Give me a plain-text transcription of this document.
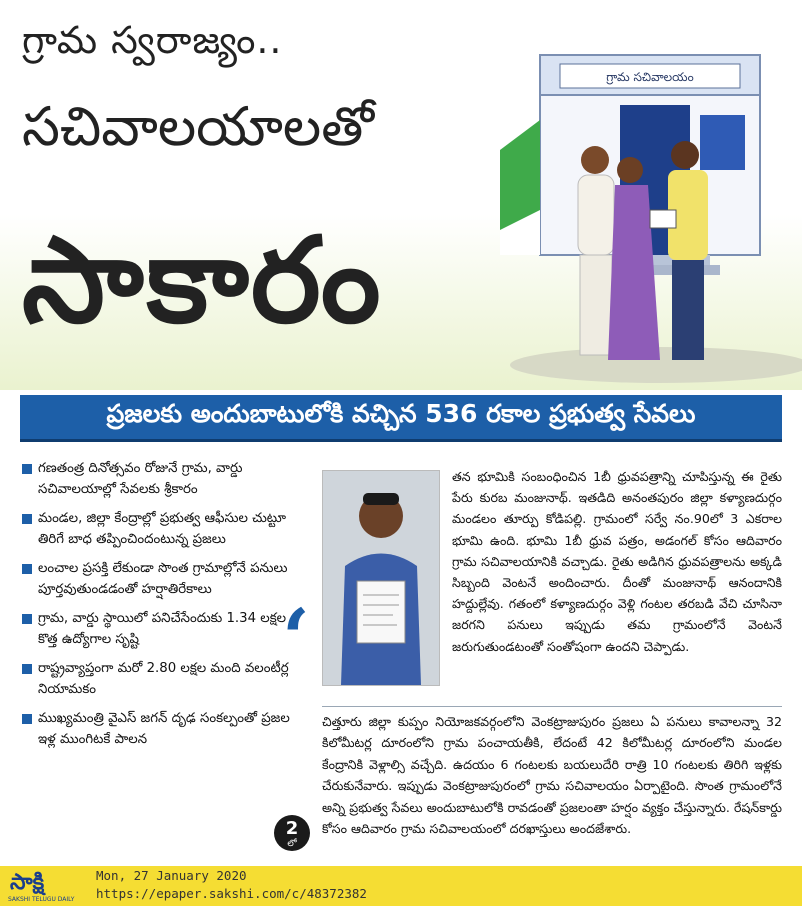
గ్రామ స్వరాజ్యం..
సచివాలయాలతో
సాకారం
గ్రామ సచివాలయం
ప్రజలకు అందుబాటులోకి వచ్చిన 536 రకాల ప్రభుత్వ సేవలు
గణతంత్ర దినోత్సవం రోజునే గ్రామ, వార్డు సచివాలయాల్లో సేవలకు శ్రీకారం
మండల, జిల్లా కేంద్రాల్లో ప్రభుత్వ ఆఫీసుల చుట్టూ తిరిగే బాధ తప్పించిందంటున్న ప్రజలు
లంచాల ప్రసక్తి లేకుండా సొంత గ్రామాల్లోనే పనులు పూర్తవుతుండడంతో హర్షాతిరేకాలు
గ్రామ, వార్డు స్థాయిలో పనిచేసేందుకు 1.34 లక్షల కొత్త ఉద్యోగాల సృష్టి
రాష్ట్రవ్యాప్తంగా మరో 2.80 లక్షల మంది వలంటీర్ల నియామకం
ముఖ్యమంత్రి వైఎస్ జగన్ దృఢ సంకల్పంతో ప్రజల ఇళ్ల ముంగిటకే పాలన
‘
తన భూమికి సంబంధించిన 1బీ ధ్రువపత్రాన్ని చూపిస్తున్న ఈ రైతు పేరు కురబ మంజునాథ్. ఇతడిది అనంతపురం జిల్లా కళ్యాణదుర్గం మండలం తూర్పు కోడిపల్లి. గ్రామంలో సర్వే నం.90లో 3 ఎకరాల భూమి ఉంది. భూమి 1బీ ధ్రువ పత్రం, అడంగల్ కోసం ఆదివారం గ్రామ సచివాలయానికి వచ్చాడు. రైతు అడిగిన ధ్రువపత్రాలను అక్కడి సిబ్బంది వెంటనే అందించారు. దీంతో మంజునాథ్ ఆనందానికి హద్దుల్లేవు. గతంలో కళ్యాణదుర్గం వెళ్లి గంటల తరబడి వేచి చూసినా జరగని పనులు ఇప్పుడు తమ గ్రామంలోనే వెంటనే జరుగుతుండటంతో సంతోషంగా ఉందని చెప్పాడు.
చిత్తూరు జిల్లా కుప్పం నియోజకవర్గంలోని వెంకట్రాజుపురం ప్రజలు ఏ పనులు కావాలన్నా 32 కిలోమీటర్ల దూరంలోని గ్రామ పంచాయతీకి, లేదంటే 42 కిలోమీటర్ల దూరంలోని మండల కేంద్రానికి వెళ్లాల్సి వచ్చేది. ఉదయం 6 గంటలకు బయలుదేరి రాత్రి 10 గంటలకు తిరిగి ఇళ్లకు చేరుకునేవారు. ఇప్పుడు వెంకట్రాజుపురంలో గ్రామ సచివాలయం ఏర్పాటైంది. సొంత గ్రామంలోనే అన్ని ప్రభుత్వ సేవలు అందుబాటులోకి రావడంతో ప్రజలంతా హర్షం వ్యక్తం చేస్తున్నారు. రేషన్‌కార్డు కోసం ఆదివారం గ్రామ సచివాలయంలో దరఖాస్తులు అందజేశారు.
2
లో
సాక్షి
SAKSHI TELUGU DAILY
Mon, 27 January 2020
https://epaper.sakshi.com/c/48372382
